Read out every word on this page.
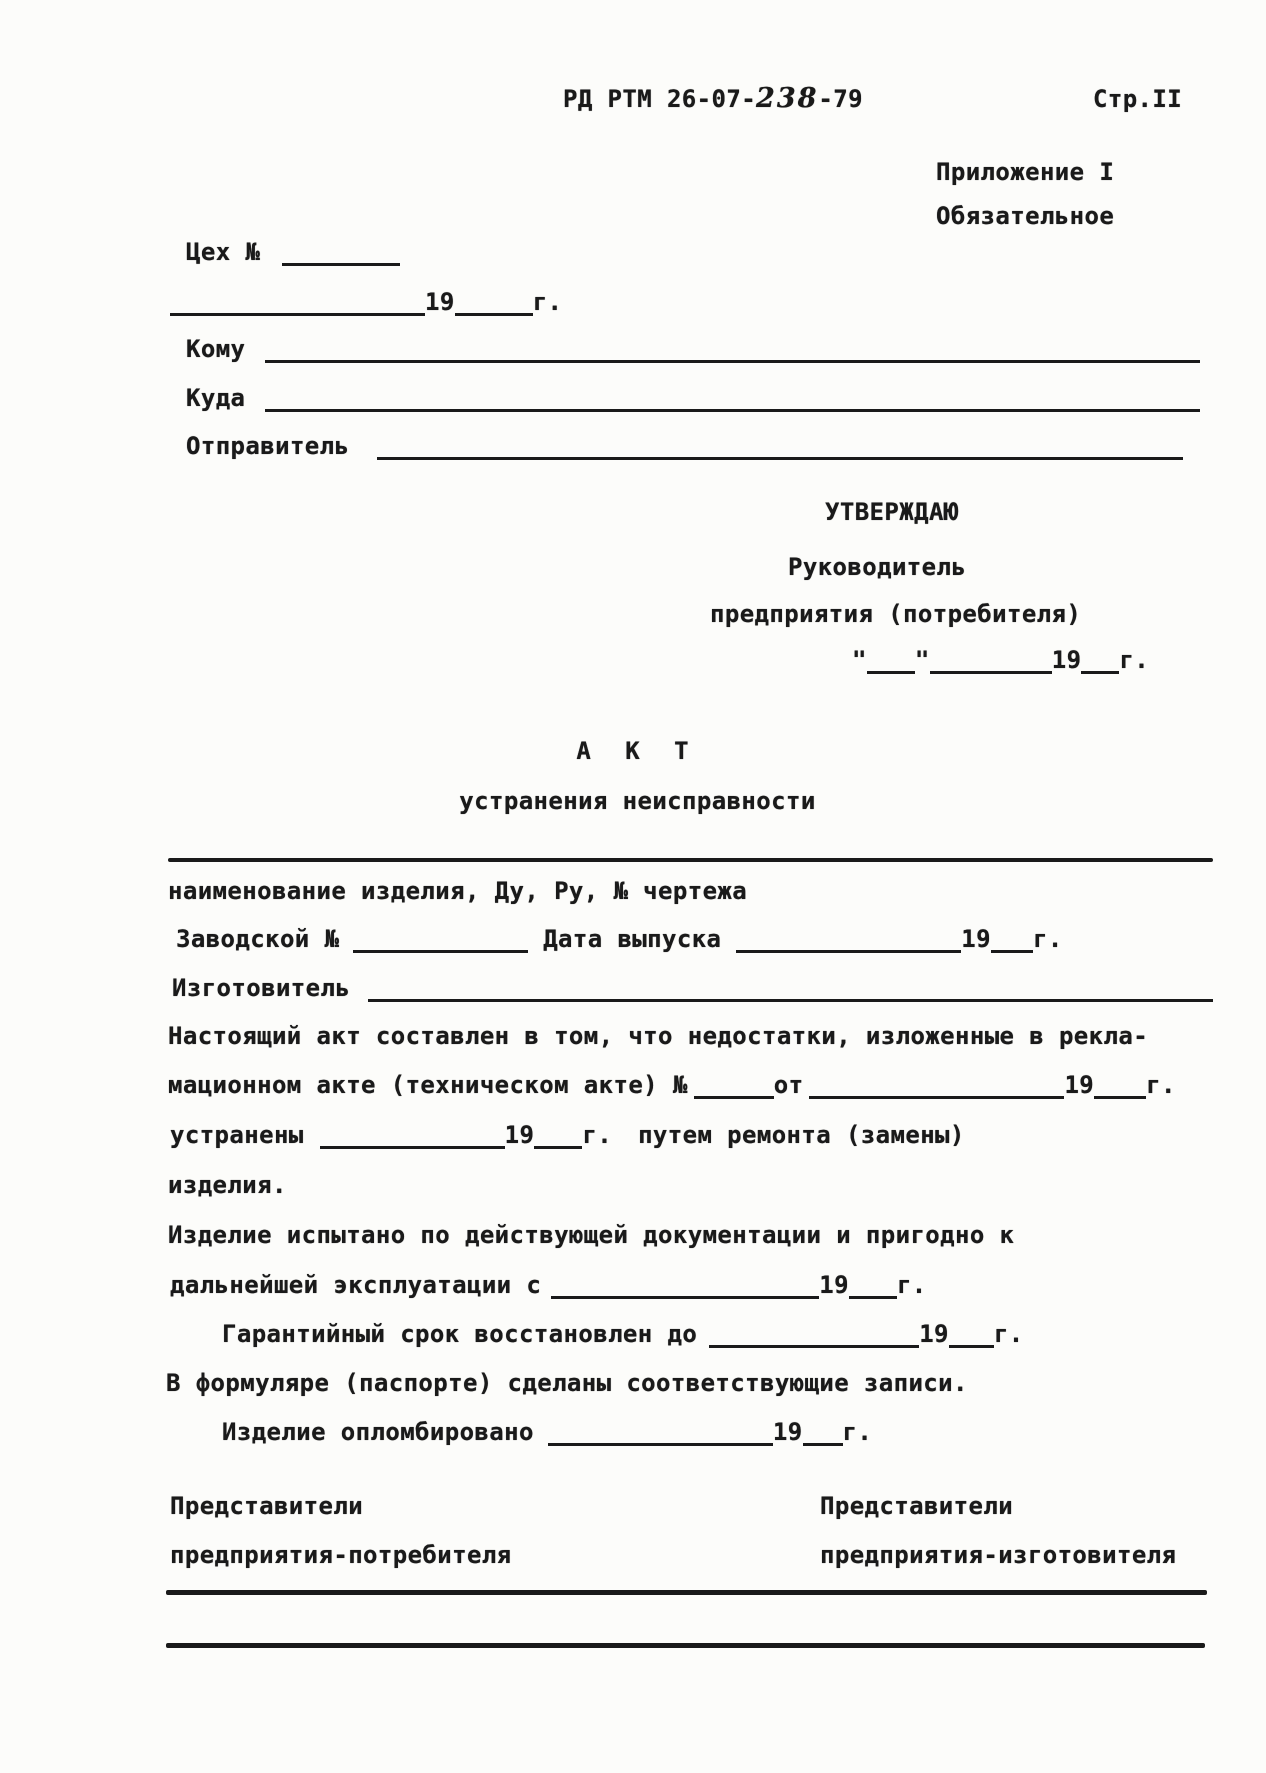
РД РТМ 26-07-238-79	Стр.II
Приложение I
Обязательное
Цех №
19	г.
Кому
Куда
Отправитель
УТВЕРЖДАЮ
Руководитель
предприятия (потребителя)
" "	19 г.
А К Т
устранения неисправности
наименование изделия, Ду, Ру, № чертежа
Заводской №	Дата выпуска	19 г.
Изготовитель
Настоящий акт составлен в том, что недостатки, изложенные в рекла-
мационном акте (техническом акте) №	от	19 г.
устранены	19 г. путем ремонта (замены)
изделия.
Изделие испытано по действующей документации и пригодно к
дальнейшей эксплуатации с	19 г.
Гарантийный срок восстановлен до	19 г.
В формуляре (паспорте) сделаны соответствующие записи.
Изделие опломбировано	19 г.
Представители	Представители
предприятия-потребителя	предприятия-изготовителя
